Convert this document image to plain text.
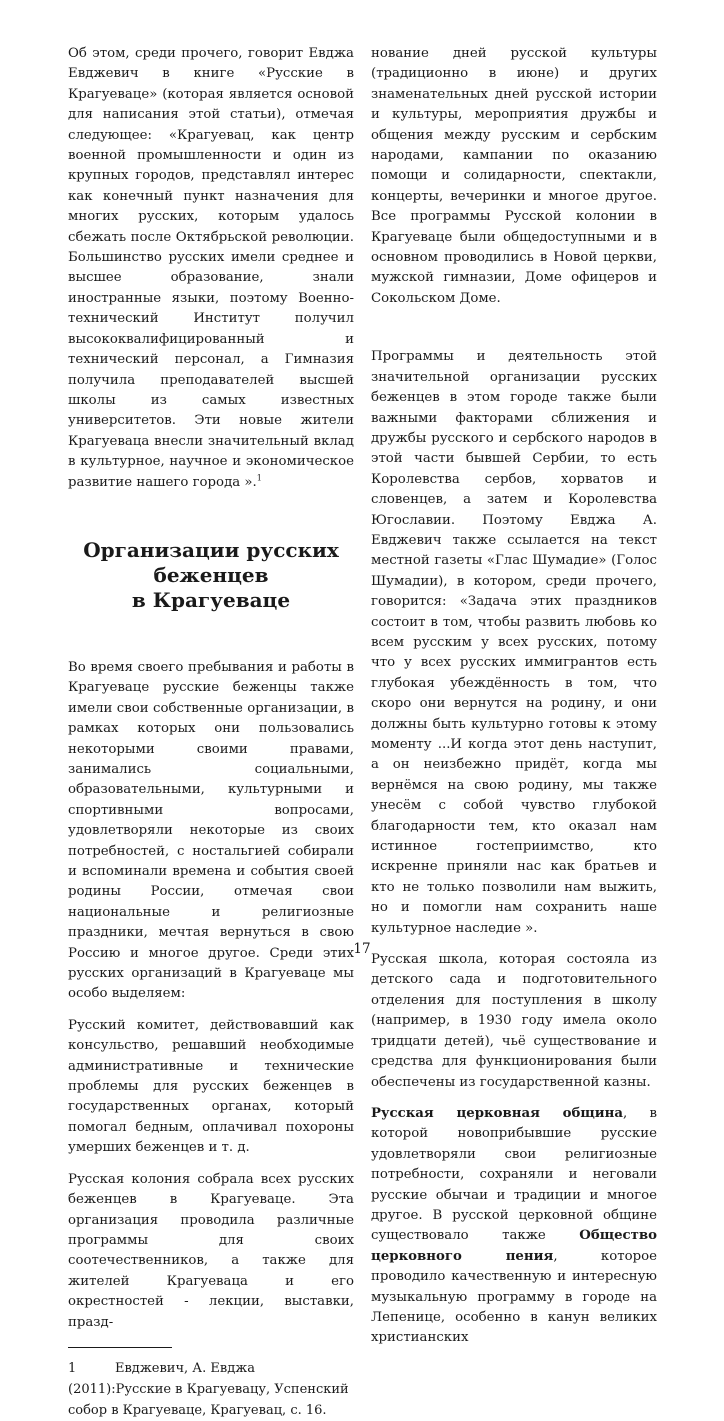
Об этом, среди прочего, говорит Евджа Евджевич в книге «Русские в Крагуеваце» (которая является основой для написания этой статьи), отмечая следующее: «Крагуевац, как центр военной промышленности и один из крупных городов, представлял интерес как конечный пункт назначения для многих русских, которым удалось сбежать после Октябрьской революции. Большинство русских имели среднее и высшее образование, знали иностранные языки, поэтому Военно-технический Институт получил высококвалифицированный и технический персонал, а Гимназия получила преподавателей высшей школы из самых известных университетов. Эти новые жители Крагуеваца внесли значительный вклад в культурное, научное и экономическое развитие нашего города ».$^1$

Организации русских беженцев
в Крагуеваце

Во время своего пребывания и работы в Крагуеваце русские беженцы также имели свои собственные организации, в рамках которых они пользовались некоторыми своими правами, занимались социальными, образовательными, культурными и спортивными вопросами, удовлетворяли некоторые из своих потребностей, с ностальгией собирали и вспоминали времена и события своей родины России, отмечая свои национальные и религиозные праздники, мечтая вернуться в свою Россию и многое другое. Среди этих русских организаций в Крагуеваце мы особо выделяем:

Русский комитет, действовавший как консульство, решавший необходимые административные и технические проблемы для русских беженцев в государственных органах, который помогал бедным, оплачивал похороны умерших беженцев и т. д.

Русская колония собрала всех русских беженцев в Крагуеваце. Эта организация проводила различные программы для своих соотечественников, а также для жителей Крагуеваца и его окрестностей - лекции, выставки, празд-

1	Евджевич, А. Евджа (2011):Русские в Крагуевацу, Успенский собор в Крагуеваце, Крагуевац, с. 16.

нование дней русской культуры (традиционно в июне) и других знаменательных дней русской истории и культуры, мероприятия дружбы и общения между русским и сербским народами, кампании по оказанию помощи и солидарности, спектакли, концерты, вечеринки и многое другое. Все программы Русской колонии в Крагуеваце были общедоступными и в основном проводились в Новой церкви, мужской гимназии, Доме офицеров и Сокольском Доме.

Программы и деятельность этой значительной организации русских беженцев в этом городе также были важными факторами сближения и дружбы русского и сербского народов в этой части бывшей Сербии, то есть Королевства сербов, хорватов и словенцев, а затем и Королевства Югославии. Поэтому Евджа А. Евджевич также ссылается на текст местной газеты «Глас Шумадие» (Голос Шумадии), в котором, среди прочего, говорится: «Задача этих праздников состоит в том, чтобы развить любовь ко всем русским у всех русских, потому что у всех русских иммигрантов есть глубокая убеждённость в том, что скоро они вернутся на родину, и они должны быть культурно готовы к этому моменту ...И когда этот день наступит, а он неизбежно придёт, когда мы вернёмся на свою родину, мы также унесём с собой чувство глубокой благодарности тем, кто оказал нам истинное гостеприимство, кто искренне приняли нас как братьев и кто не только позволили нам выжить, но и помогли нам сохранить наше культурное наследие ».

Русская школа, которая состояла из детского сада и подготовительного отделения для поступления в школу (например, в 1930 году имела около тридцати детей), чьё существование и средства для функционирования были обеспечены из государственной казны.

Русская церковная община, в которой новоприбывшие русские удовлетворяли свои религиозные потребности, сохраняли и неговали русские обычаи и традиции и многое другое. В русской церковной общине существовало также Общество церковного пения, которое проводило качественную и интересную музыкальную программу в городе на Лепенице, особенно в канун великих христианских

17
